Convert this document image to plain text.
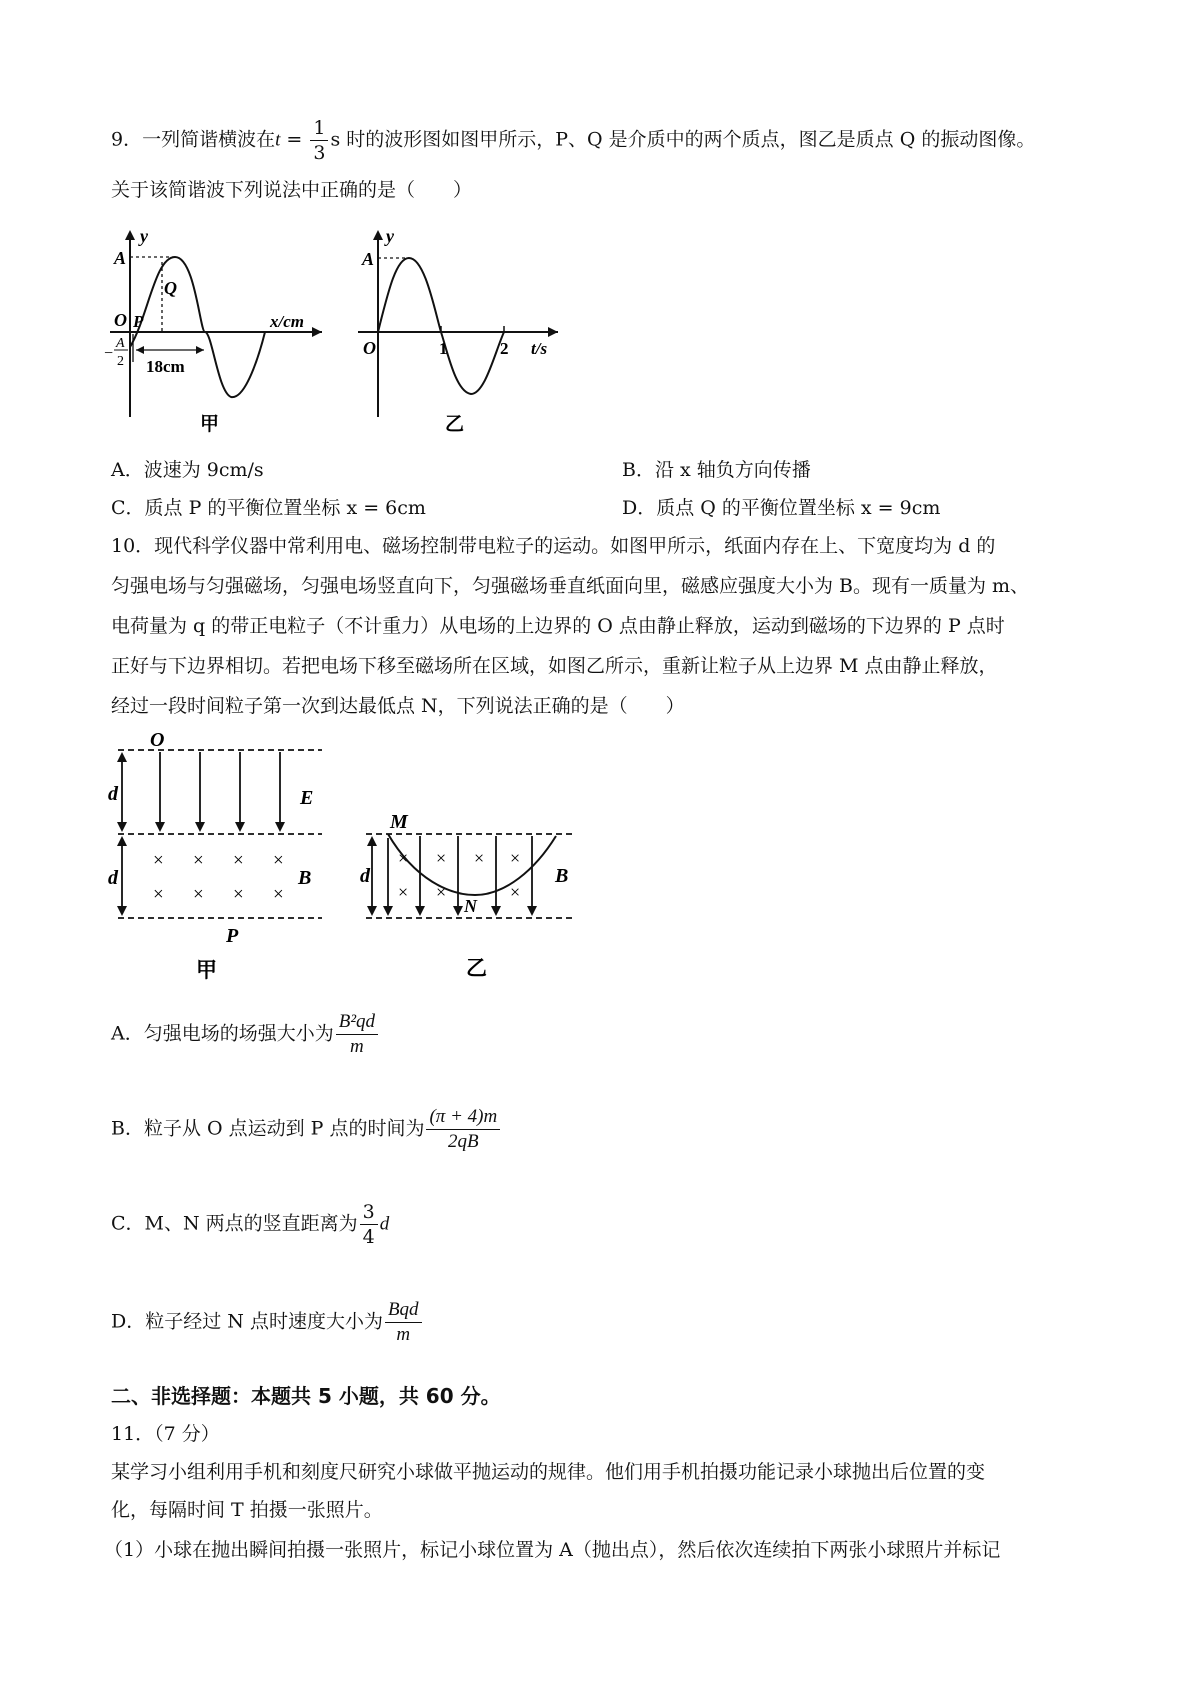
9．一列简谐横波在$t = \frac{1}{3}$ s 时的波形图如图甲所示，P、Q 是介质中的两个质点，图乙是质点 Q 的振动图像。
关于该简谐波下列说法中正确的是（　　）
y
A
O P
Q
−
A
2 18cm
x/cm
甲
y
A
O	1	2 t/s
乙
A．波速为 9cm/s	B．沿 x 轴负方向传播
C．质点 P 的平衡位置坐标 x = 6cm	D．质点 Q 的平衡位置坐标 x = 9cm
10．现代科学仪器中常利用电、磁场控制带电粒子的运动。如图甲所示，纸面内存在上、下宽度均为 d 的
匀强电场与匀强磁场，匀强电场竖直向下，匀强磁场垂直纸面向里，磁感应强度大小为 B。现有一质量为 m、
电荷量为 q 的带正电粒子（不计重力）从电场的上边界的 O 点由静止释放，运动到磁场的下边界的 P 点时
正好与下边界相切。若把电场下移至磁场所在区域，如图乙所示，重新让粒子从上边界 M 点由静止释放，
经过一段时间粒子第一次到达最低点 N，下列说法正确的是（　　）
O
d
d
E
B
P
× × × ×
× × × ×
甲
M
N
d	B
× × × ×
× ×	×
乙
A．匀强电场的场强大小为 $\frac{\text{B²qd}}{m}$
B．粒子从 O 点运动到 P 点的时间为 $\frac{(\pi + 4)m}{2qB}$
C．M、N 两点的竖直距离为 $\frac{3}{4}$ d
D．粒子经过 N 点时速度大小为 $\frac{\text{Bqd}}{m}$
二、非选择题：本题共 5 小题，共 60 分。
11．（7 分）
某学习小组利用手机和刻度尺研究小球做平抛运动的规律。他们用手机拍摄功能记录小球抛出后位置的变
化，每隔时间 T 拍摄一张照片。
（1）小球在抛出瞬间拍摄一张照片，标记小球位置为 A（抛出点），然后依次连续拍下两张小球照片并标记
